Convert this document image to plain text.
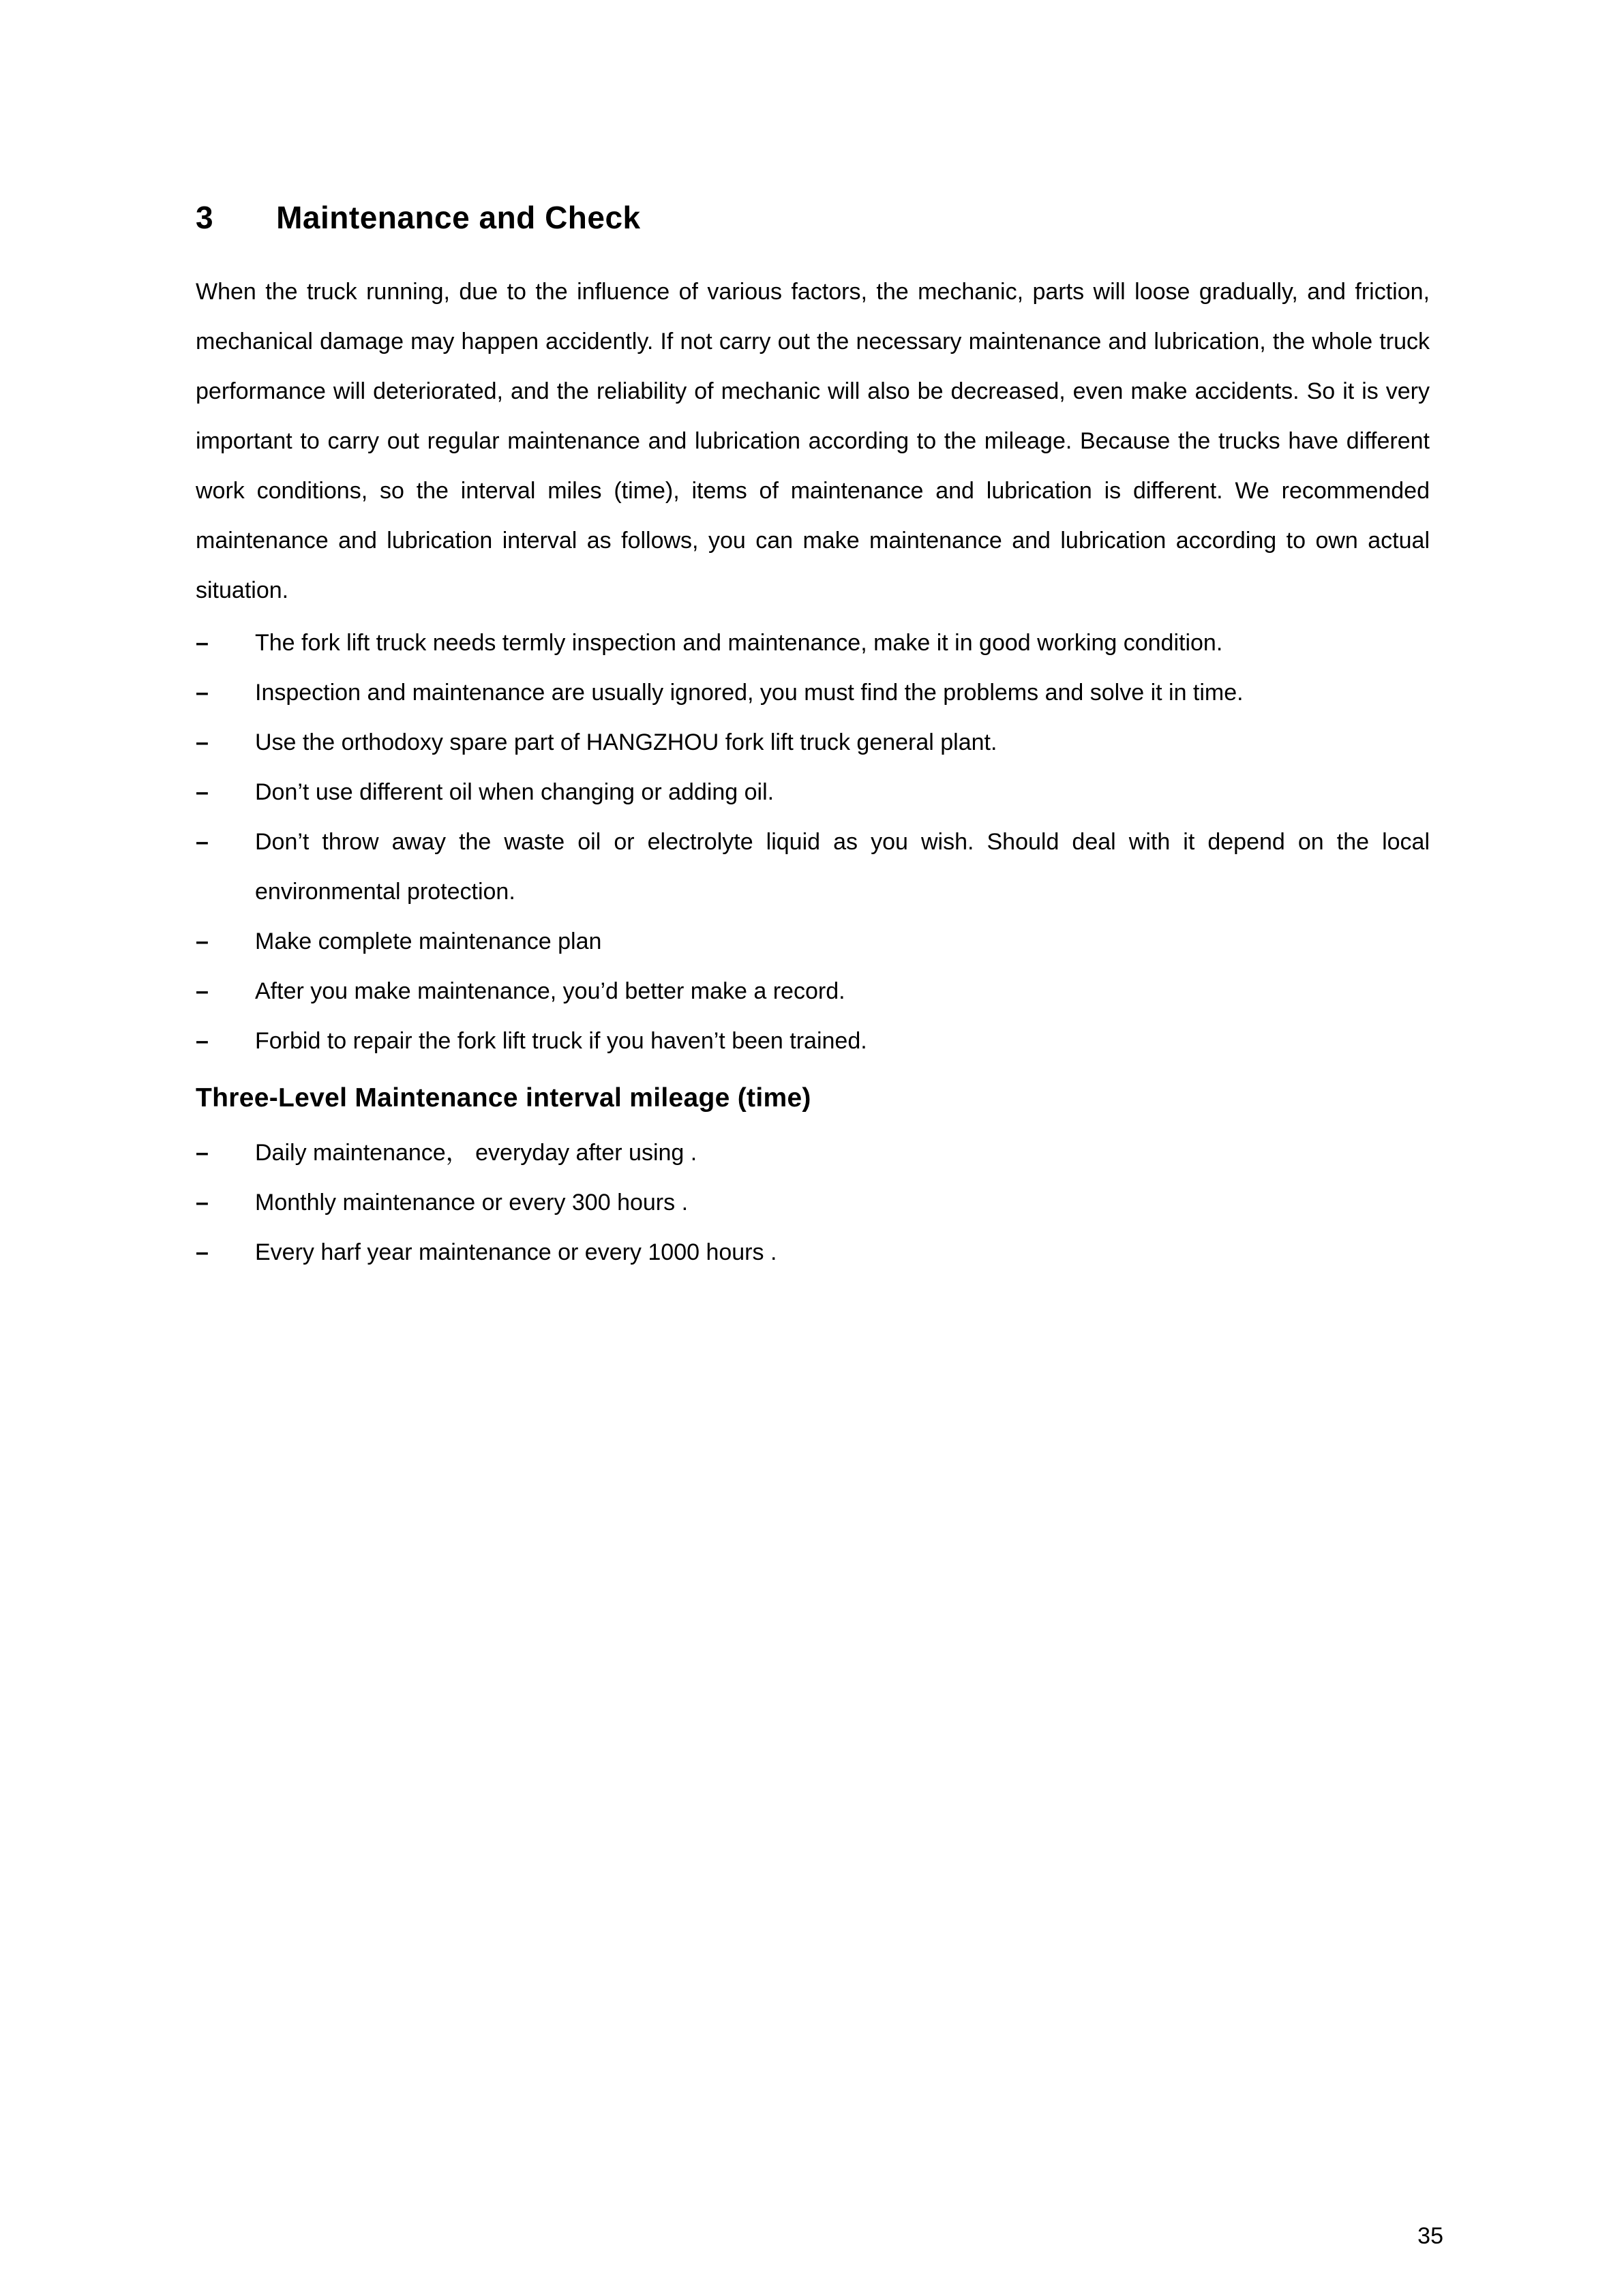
3 Maintenance and Check

When the truck running, due to the influence of various factors, the mechanic, parts will loose gradually, and friction, mechanical damage may happen accidently. If not carry out the necessary maintenance and lubrication, the whole truck performance will deteriorated, and the reliability of mechanic will also be decreased, even make accidents. So it is very important to carry out regular maintenance and lubrication according to the mileage. Because the trucks have different work conditions, so the interval miles (time), items of maintenance and lubrication is different. We recommended maintenance and lubrication interval as follows, you can make maintenance and lubrication according to own actual situation.

–	The fork lift truck needs termly inspection and maintenance, make it in good working condition.
–	Inspection and maintenance are usually ignored, you must find the problems and solve it in time.
–	Use the orthodoxy spare part of HANGZHOU fork lift truck general plant.
–	Don’t use different oil when changing or adding oil.
–	Don’t throw away the waste oil or electrolyte liquid as you wish. Should deal with it depend on the local environmental protection.
–	Make complete maintenance plan
–	After you make maintenance, you’d better make a record.
–	Forbid to repair the fork lift truck if you haven’t been trained.
Three-Level Maintenance interval mileage (time)
–	Daily maintenance， everyday after using .
–	Monthly maintenance or every 300 hours .
–	Every harf year maintenance or every 1000 hours .
35
